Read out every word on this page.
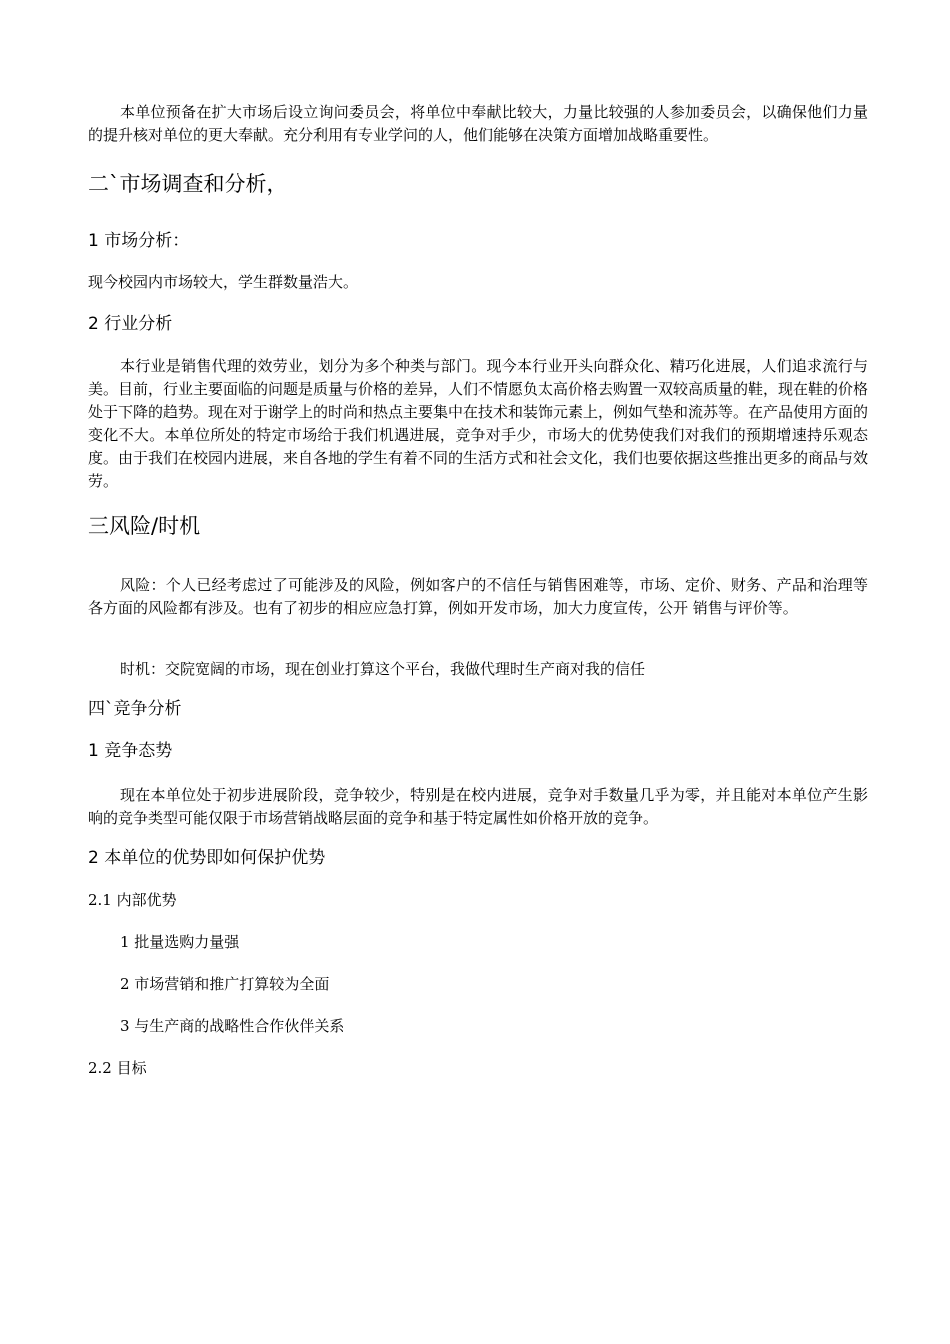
本单位预备在扩大市场后设立询问委员会，将单位中奉献比较大，力量比较强的人参加委员会，以确保他们力量的提升核对单位的更大奉献。充分利用有专业学问的人，他们能够在决策方面增加战略重要性。

二`市场调查和分析，
1 市场分析：

现今校园内市场较大，学生群数量浩大。

2 行业分析

本行业是销售代理的效劳业，划分为多个种类与部门。现今本行业开头向群众化、精巧化进展，人们追求流行与美。目前，行业主要面临的问题是质量与价格的差异，人们不情愿负太高价格去购置一双较高质量的鞋，现在鞋的价格处于下降的趋势。现在对于谢学上的时尚和热点主要集中在技术和装饰元素上，例如气垫和流苏等。在产品使用方面的变化不大。本单位所处的特定市场给于我们机遇进展，竞争对手少，市场大的优势使我们对我们的预期增速持乐观态度。由于我们在校园内进展，来自各地的学生有着不同的生活方式和社会文化，我们也要依据这些推出更多的商品与效劳。

三风险/时机

风险：个人已经考虑过了可能涉及的风险，例如客户的不信任与销售困难等，市场、定价、财务、产品和治理等各方面的风险都有涉及。也有了初步的相应应急打算，例如开发市场，加大力度宣传，公开 销售与评价等。

时机：交院宽阔的市场，现在创业打算这个平台，我做代理时生产商对我的信任

四`竞争分析
1 竞争态势

现在本单位处于初步进展阶段，竞争较少，特别是在校内进展，竞争对手数量几乎为零，并且能对本单位产生影响的竞争类型可能仅限于市场营销战略层面的竞争和基于特定属性如价格开放的竞争。

2 本单位的优势即如何保护优势

2.1 内部优势

1 批量选购力量强

2 市场营销和推广打算较为全面

3 与生产商的战略性合作伙伴关系

2.2 目标
